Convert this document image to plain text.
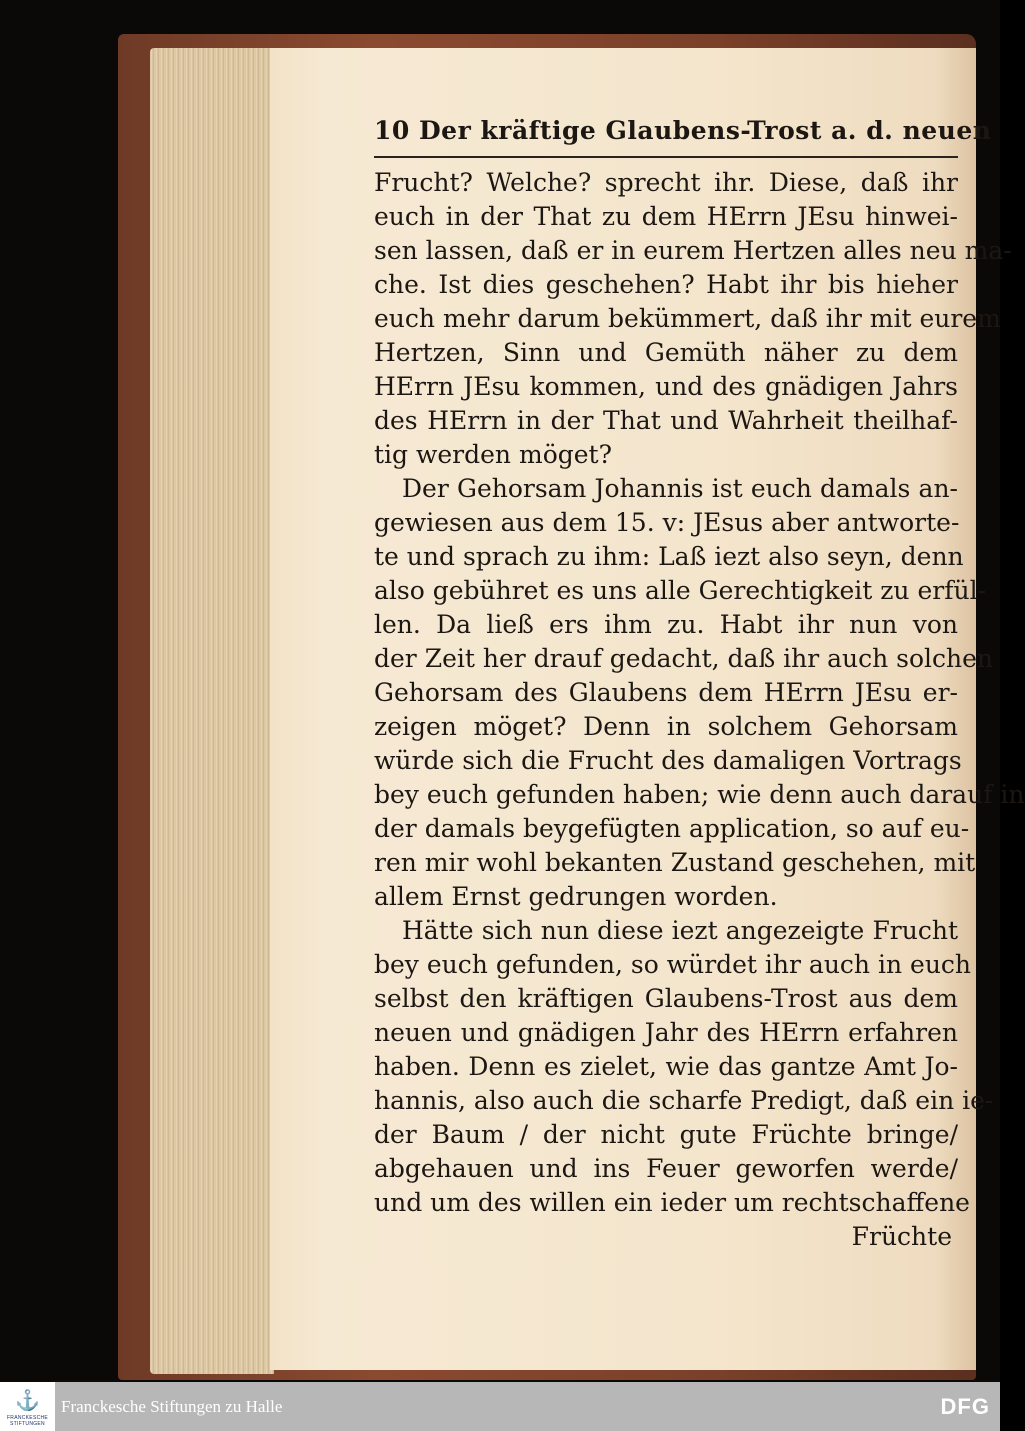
10 Der kräftige Glaubens-Trost a. d. neuen
Frucht? Welche? sprecht ihr. Diese, daß ihr
euch in der That zu dem HErrn JEsu hinwei-
sen lassen, daß er in eurem Hertzen alles neu ma-
che. Ist dies geschehen? Habt ihr bis hieher
euch mehr darum bekümmert, daß ihr mit eurem
Hertzen, Sinn und Gemüth näher zu dem
HErrn JEsu kommen, und des gnädigen Jahrs
des HErrn in der That und Wahrheit theilhaf-
tig werden möget?
Der Gehorsam Johannis ist euch damals an-
gewiesen aus dem 15. v: JEsus aber antworte-
te und sprach zu ihm: Laß iezt also seyn, denn
also gebühret es uns alle Gerechtigkeit zu erfül-
len. Da ließ ers ihm zu. Habt ihr nun von
der Zeit her drauf gedacht, daß ihr auch solchen
Gehorsam des Glaubens dem HErrn JEsu er-
zeigen möget? Denn in solchem Gehorsam
würde sich die Frucht des damaligen Vortrags
bey euch gefunden haben; wie denn auch darauf in
der damals beygefügten application, so auf eu-
ren mir wohl bekanten Zustand geschehen, mit
allem Ernst gedrungen worden.
Hätte sich nun diese iezt angezeigte Frucht
bey euch gefunden, so würdet ihr auch in euch
selbst den kräftigen Glaubens-Trost aus dem
neuen und gnädigen Jahr des HErrn erfahren
haben. Denn es zielet, wie das gantze Amt Jo-
hannis, also auch die scharfe Predigt, daß ein ie-
der Baum / der nicht gute Früchte bringe/
abgehauen und ins Feuer geworfen werde/
und um des willen ein ieder um rechtschaffene
Früchte
⚓
FRANCKESCHE STIFTUNGEN
Franckesche Stiftungen zu Halle	DFG
